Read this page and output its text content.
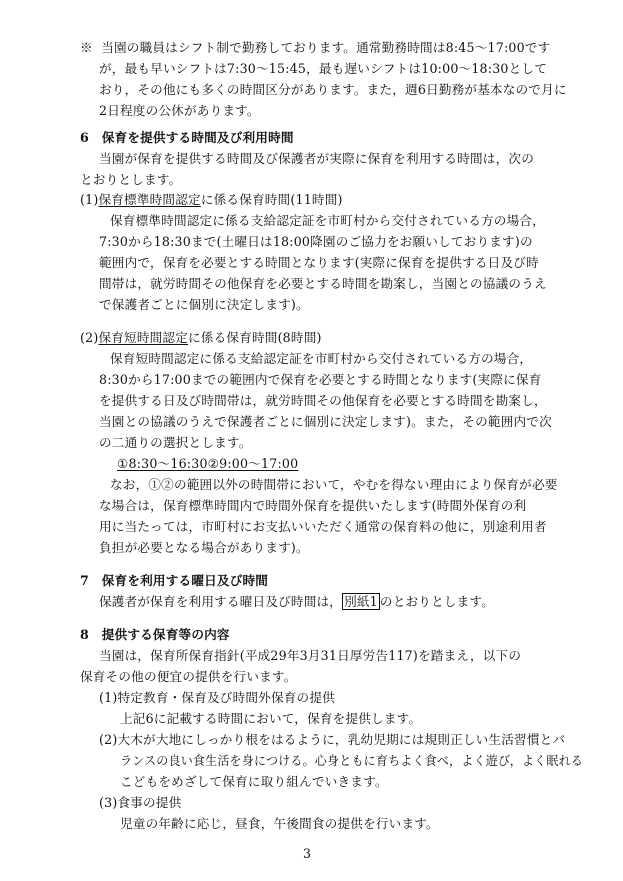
※ 当園の職員はシフト制で勤務しております。通常勤務時間は8:45～17:00です
が，最も早いシフトは7:30～15:45，最も遅いシフトは10:00～18:30として
おり，その他にも多くの時間区分があります。また，週6日勤務が基本なので月に
2日程度の公休があります。
6　保育を提供する時間及び利用時間
当園が保育を提供する時間及び保護者が実際に保育を利用する時間は，次の
とおりとします。
(1)保育標準時間認定に係る保育時間(11時間)
保育標準時間認定に係る支給認定証を市町村から交付されている方の場合，
7:30から18:30まで(土曜日は18:00降園のご協力をお願いしております)の
範囲内で，保育を必要とする時間となります(実際に保育を提供する日及び時
間帯は，就労時間その他保育を必要とする時間を勘案し，当園との協議のうえ
で保護者ごとに個別に決定します)。
(2)保育短時間認定に係る保育時間(8時間)
保育短時間認定に係る支給認定証を市町村から交付されている方の場合，
8:30から17:00までの範囲内で保育を必要とする時間となります(実際に保育
を提供する日及び時間帯は，就労時間その他保育を必要とする時間を勘案し，
当園との協議のうえで保護者ごとに個別に決定します)。また，その範囲内で次
の二通りの選択とします。
①8:30～16:30②9:00～17:00
なお，①②の範囲以外の時間帯において，やむを得ない理由により保育が必要
な場合は，保育標準時間内で時間外保育を提供いたします(時間外保育の利
用に当たっては，市町村にお支払いいただく通常の保育料の他に，別途利用者
負担が必要となる場合があります)。
7　保育を利用する曜日及び時間
保護者が保育を利用する曜日及び時間は， 別紙1 のとおりとします。
8　提供する保育等の内容
当園は，保育所保育指針(平成29年3月31日厚労告117)を踏まえ，以下の
保育その他の便宜の提供を行います。
(1)特定教育・保育及び時間外保育の提供
上記6に記載する時間において，保育を提供します。
(2)大木が大地にしっかり根をはるように，乳幼児期には規則正しい生活習慣とバ
ランスの良い食生活を身につける。心身ともに育ちよく食べ，よく遊び，よく眠れる
こどもをめざして保育に取り組んでいきます。
(3)食事の提供
児童の年齢に応じ，昼食，午後間食の提供を行います。
3
